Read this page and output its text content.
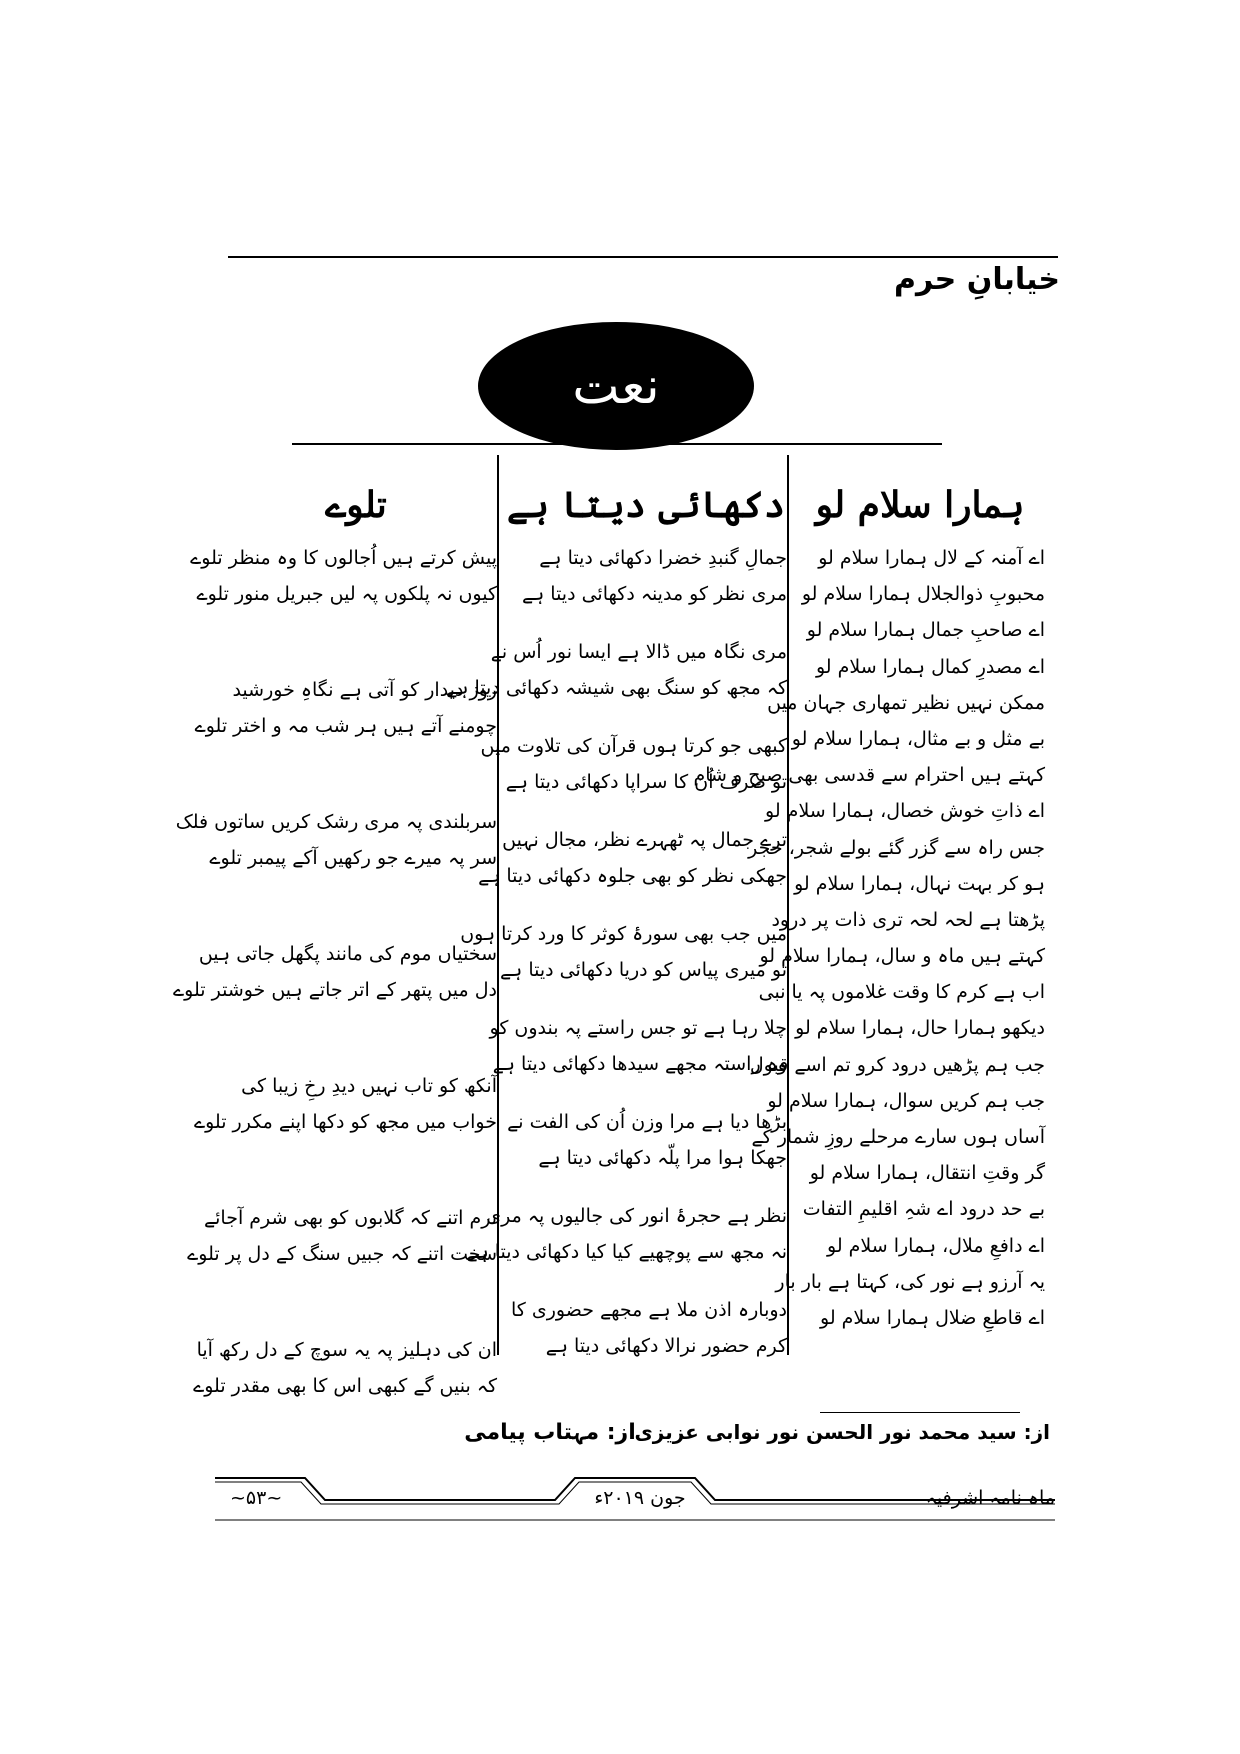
خیابانِ حرم
نعت
ہمارا سلام لو
اے آمنہ کے لال ہمارا سلام لو
محبوبِ ذوالجلال ہمارا سلام لو
اے صاحبِ جمال ہمارا سلام لو
اے مصدرِ کمال ہمارا سلام لو
ممکن نہیں نظیر تمھاری جہان میں
بے مثل و بے مثال، ہمارا سلام لو
کہتے ہیں احترام سے قدسی بھی صبح و شام
اے ذاتِ خوش خصال، ہمارا سلام لو
جس راہ سے گزر گئے بولے شجر، حجر
ہو کر بہت نہال، ہمارا سلام لو
پڑھتا ہے لحہ لحہ تری ذات پر درود
کہتے ہیں ماہ و سال، ہمارا سلام لو
اب ہے کرم کا وقت غلاموں پہ یا نبی
دیکھو ہمارا حال، ہمارا سلام لو
جب ہم پڑھیں درود کرو تم اسے قبول
جب ہم کریں سوال، ہمارا سلام لو
آساں ہوں سارے مرحلے روزِ شمار کے
گر وقتِ انتقال، ہمارا سلام لو
بے حد درود اے شہِ اقلیمِ التفات
اے دافعِ ملال، ہمارا سلام لو
یہ آرزو ہے نور کی، کہتا ہے بار بار
اے قاطعِ ضلال ہمارا سلام لو
دکھائی دیتا ہے
جمالِ گنبدِ خضرا دکھائی دیتا ہے
مری نظر کو مدینہ دکھائی دیتا ہے
مری نگاہ میں ڈالا ہے ایسا نور اُس نے
کہ مجھ کو سنگ بھی شیشہ دکھائی دیتا ہے
کبھی جو کرتا ہوں قرآن کی تلاوت میں
تو صرف اُن کا سراپا دکھائی دیتا ہے
ترے جمال پہ ٹھہرے نظر، مجال نہیں
جھکی نظر کو بھی جلوہ دکھائی دیتا ہے
میں جب بھی سورۂ کوثر کا ورد کرتا ہوں
تو میری پیاس کو دریا دکھائی دیتا ہے
چلا رہا ہے تو جس راستے پہ بندوں کو
وہ راستہ مجھے سیدھا دکھائی دیتا ہے
بڑھا دیا ہے مرا وزن اُن کی الفت نے
جھکا ہوا مرا پلّہ دکھائی دیتا ہے
نظر ہے حجرۂ انور کی جالیوں پہ مری
نہ مجھ سے پوچھیے کیا کیا دکھائی دیتا ہے
دوبارہ اذن ملا ہے مجھے حضوری کا
کرم حضور نرالا دکھائی دیتا ہے
تلوے
پیش کرتے ہیں اُجالوں کا وہ منظر تلوے
کیوں نہ پلکوں پہ لیں جبریل منور تلوے
روز دیدار کو آتی ہے نگاہِ خورشید
چومنے آتے ہیں ہر شب مہ و اختر تلوے
سربلندی پہ مری رشک کریں ساتوں فلک
سر پہ میرے جو رکھیں آکے پیمبر تلوے
سختیاں موم کی مانند پگھل جاتی ہیں
دل میں پتھر کے اتر جاتے ہیں خوشتر تلوے
آنکھ کو تاب نہیں دیدِ رخِ زیبا کی
خواب میں مجھ کو دکھا اپنے مکرر تلوے
نرم اتنے کہ گلابوں کو بھی شرم آجائے
سخت اتنے کہ جبیں سنگ کے دل پر تلوے
ان کی دہلیز پہ یہ سوچ کے دل رکھ آیا
کہ بنیں گے کبھی اس کا بھی مقدر تلوے
از: سید محمد نور الحسن نور نوابی عزیزی
از: مہتاب پیامی
ماہ نامہ اشرفیہ
جون ۲۰۱۹ء
~۵۳~
